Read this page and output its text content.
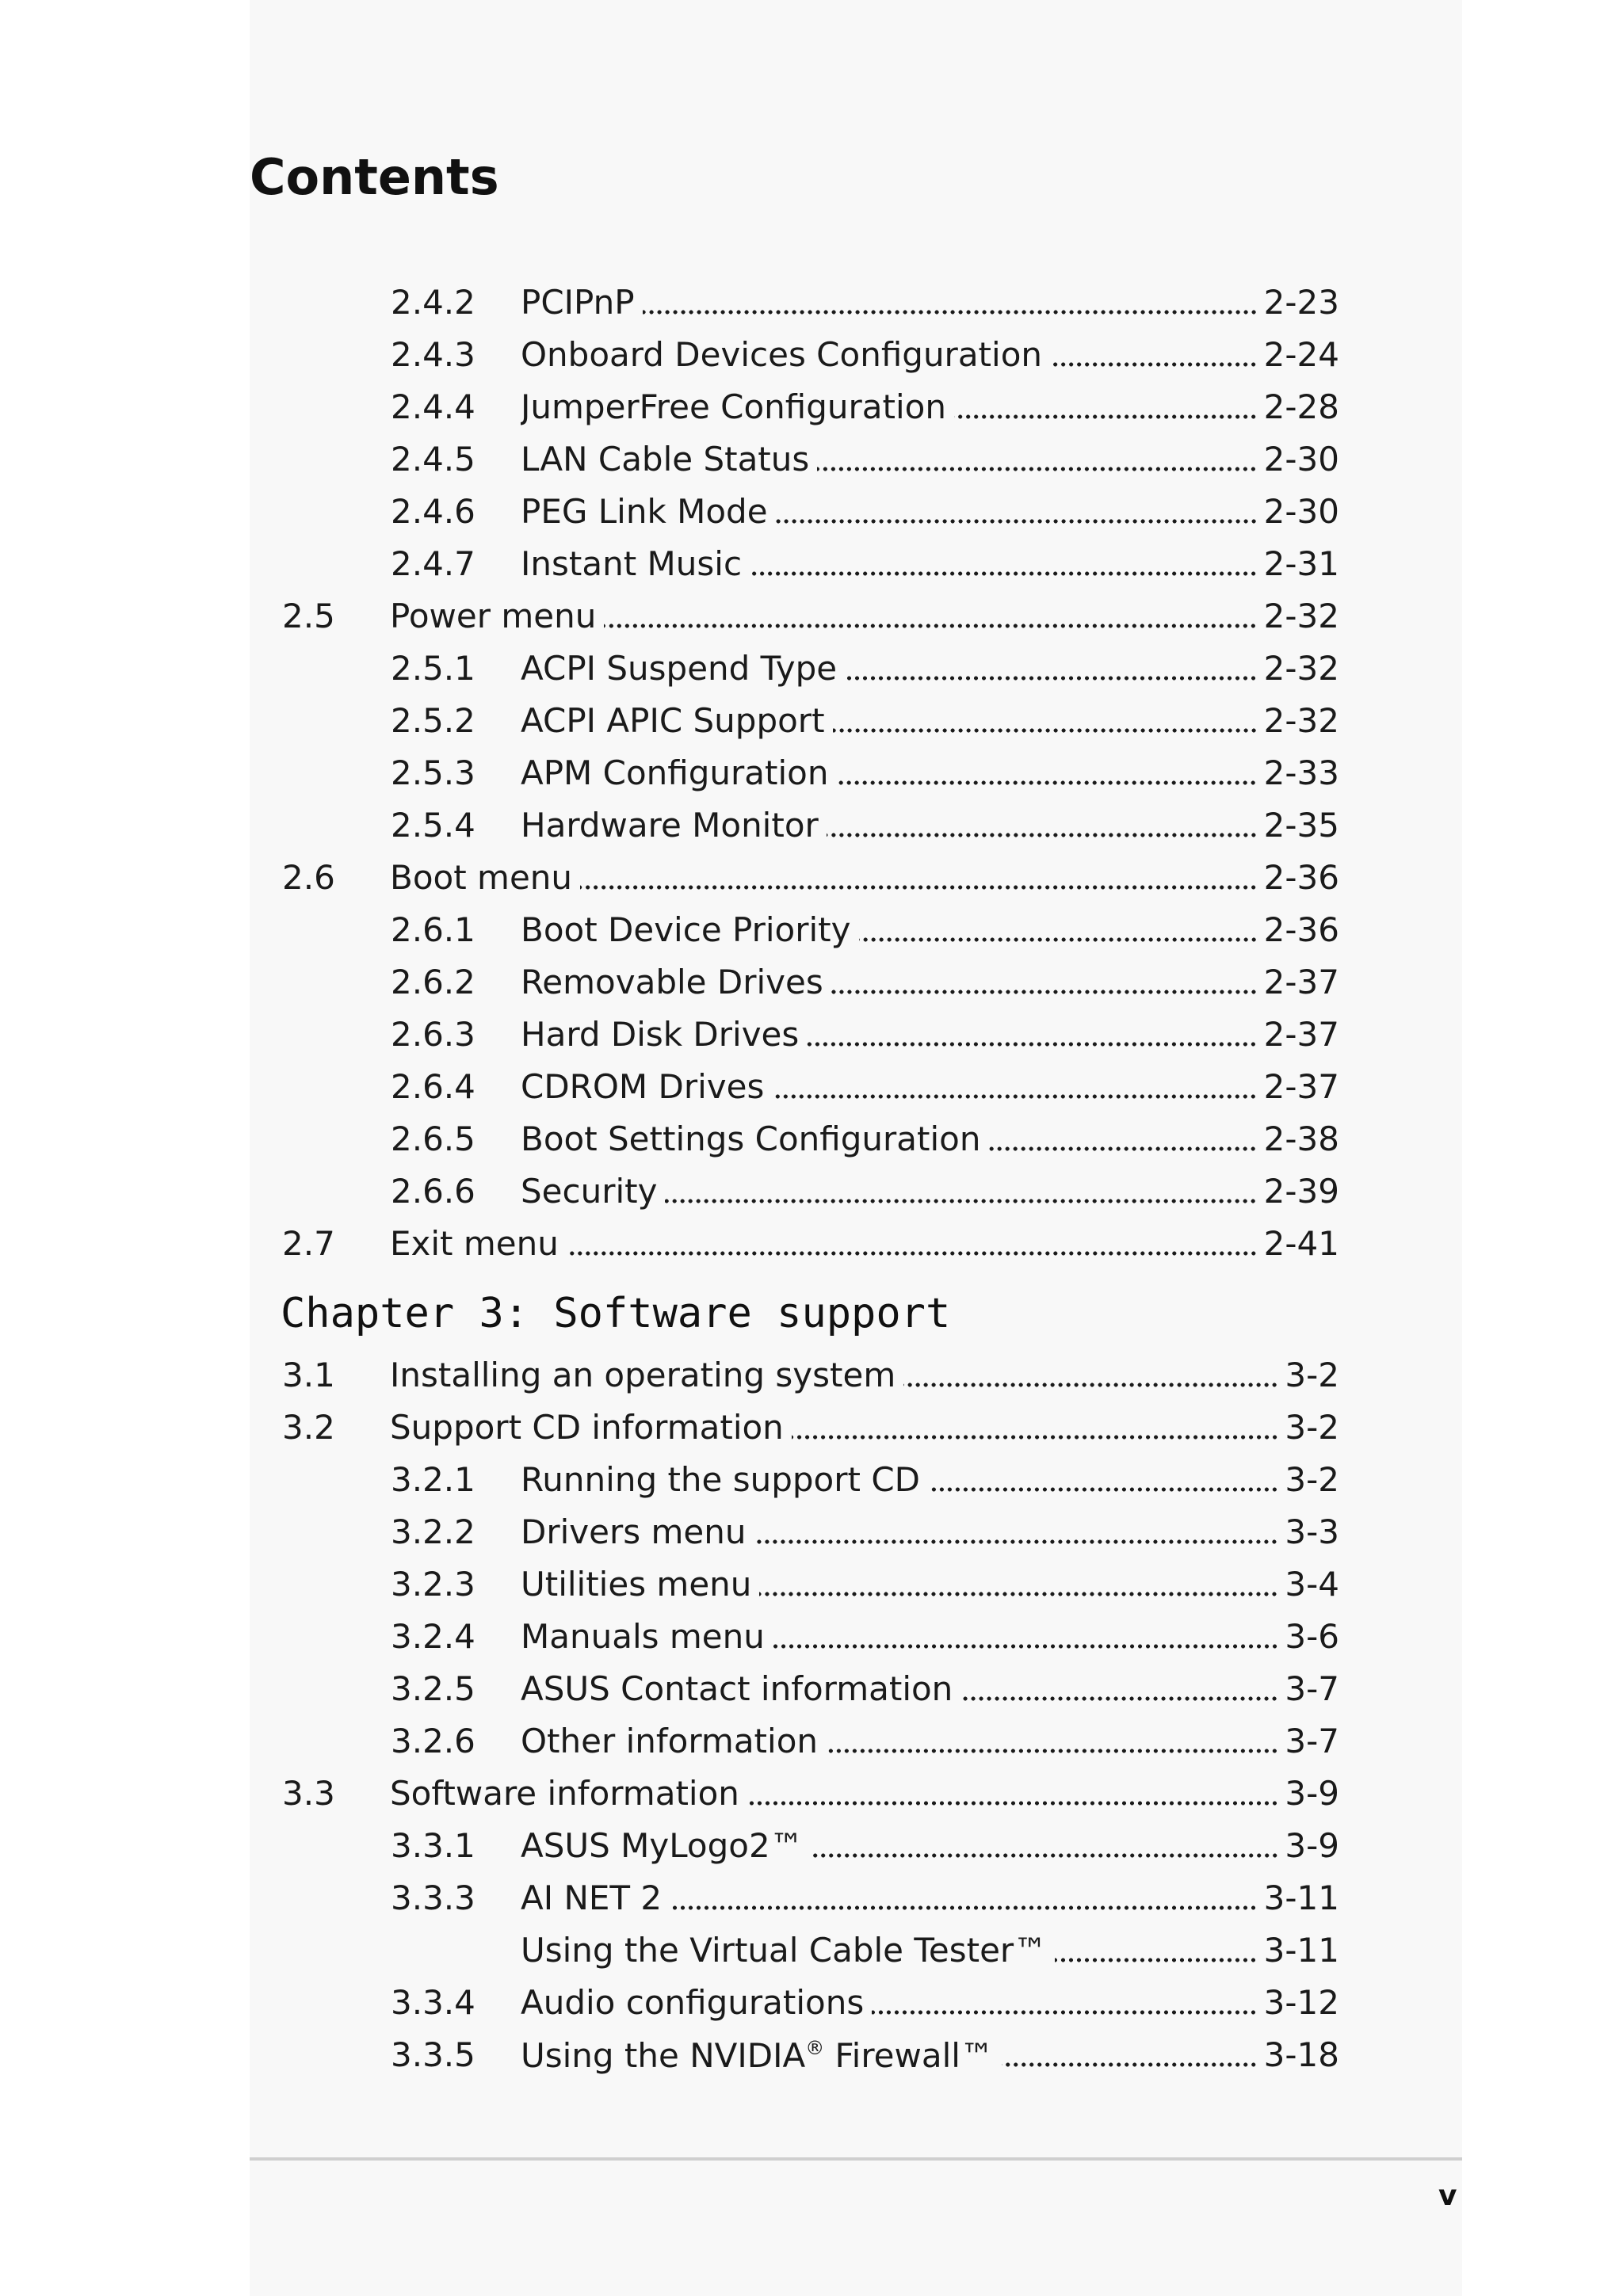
Contents
2.4.2 PCIPnP	2-23
2.4.3 Onboard Devices Configuration	2-24
2.4.4 JumperFree Configuration	2-28
2.4.5 LAN Cable Status	2-30
2.4.6 PEG Link Mode	2-30
2.4.7 Instant Music	2-31
2.5 Power menu	2-32
2.5.1 ACPI Suspend Type	2-32
2.5.2 ACPI APIC Support	2-32
2.5.3 APM Configuration	2-33
2.5.4 Hardware Monitor	2-35
2.6 Boot menu	2-36
2.6.1 Boot Device Priority	2-36
2.6.2 Removable Drives	2-37
2.6.3 Hard Disk Drives	2-37
2.6.4 CDROM Drives	2-37
2.6.5 Boot Settings Configuration	2-38
2.6.6 Security	2-39
2.7 Exit menu	2-41
3.1 Installing an operating system	3-2
3.2 Support CD information	3-2
3.2.1 Running the support CD	3-2
3.2.2 Drivers menu	3-3
3.2.3 Utilities menu	3-4
3.2.4 Manuals menu	3-6
3.2.5 ASUS Contact information	3-7
3.2.6 Other information	3-7
3.3 Software information	3-9
3.3.1 ASUS MyLogo2™	3-9
3.3.3 AI NET 2	3-11
Using the Virtual Cable Tester™	3-11
3.3.4 Audio configurations	3-12
3.3.5 Using the NVIDIA® Firewall™	3-18
Chapter 3: Software support
v
